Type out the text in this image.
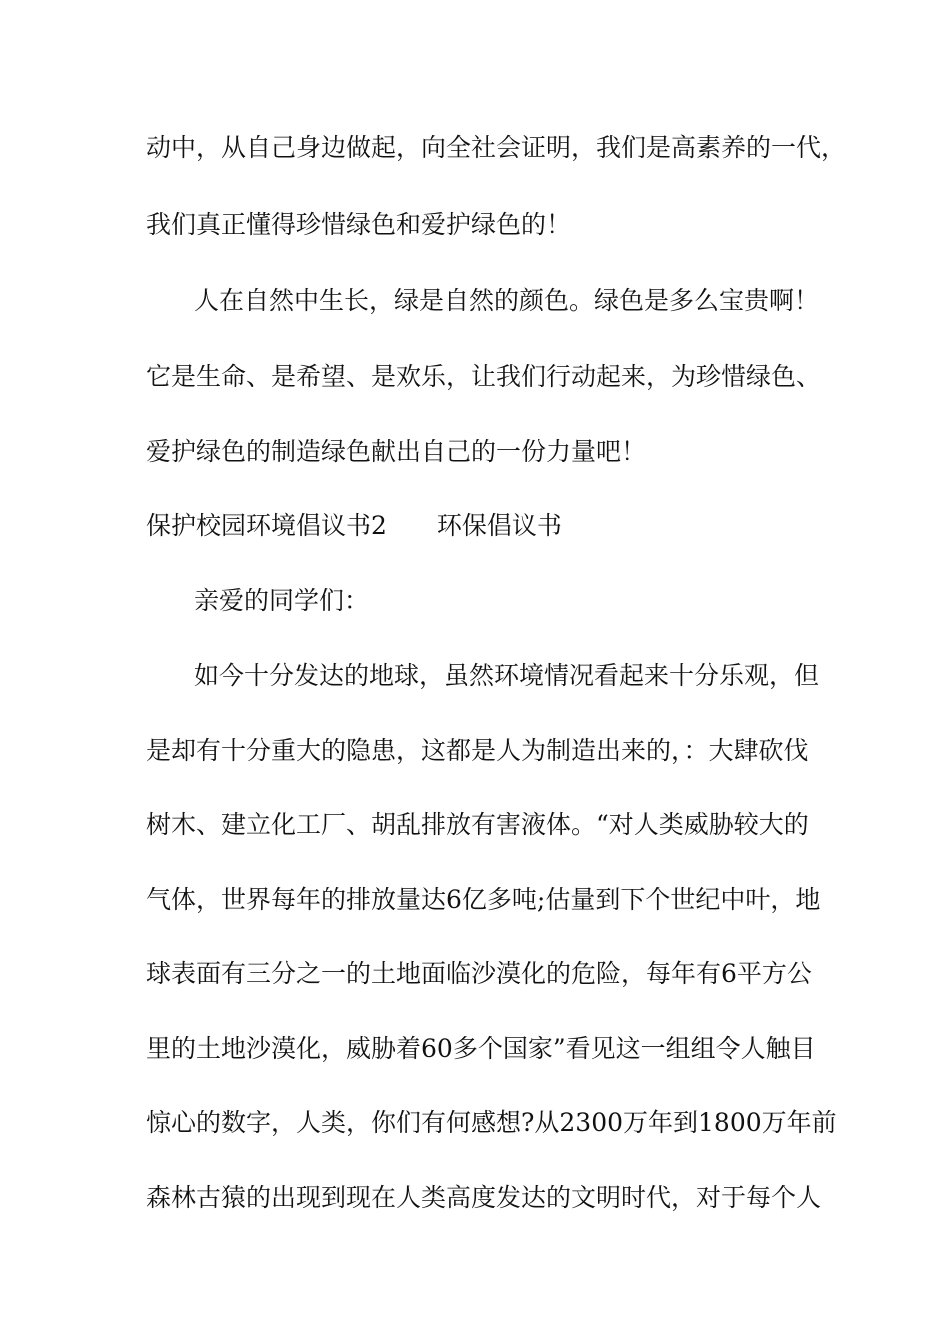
动中，从自己身边做起，向全社会证明，我们是高素养的一代，
我们真正懂得珍惜绿色和爱护绿色的！
人在自然中生长，绿是自然的颜色。绿色是多么宝贵啊！
它是生命、是希望、是欢乐，让我们行动起来，为珍惜绿色、
爱护绿色的制造绿色献出自己的一份力量吧！
保护校园环境倡议书2　　环保倡议书
亲爱的同学们：
如今十分发达的地球，虽然环境情况看起来十分乐观，但
是却有十分重大的隐患，这都是人为制造出来的，：大肆砍伐
树木、建立化工厂、胡乱排放有害液体。“对人类威胁较大的
气体，世界每年的排放量达6亿多吨;估量到下个世纪中叶，地
球表面有三分之一的土地面临沙漠化的危险，每年有6平方公
里的土地沙漠化，威胁着60多个国家”看见这一组组令人触目
惊心的数字，人类，你们有何感想?从2300万年到1800万年前
森林古猿的出现到现在人类高度发达的文明时代，对于每个人
